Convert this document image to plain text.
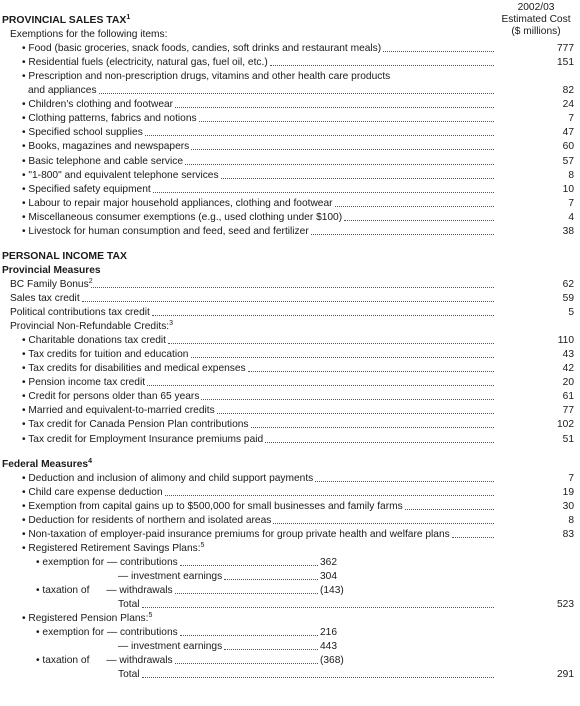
2002/03
Estimated Cost
($ millions)
PROVINCIAL SALES TAX$^1$
Exemptions for the following items:
• Food (basic groceries, snack foods, candies, soft drinks and restaurant meals)	777
• Residential fuels (electricity, natural gas, fuel oil, etc.)	151
• Prescription and non-prescription drugs, vitamins and other health care products
and appliances	82
• Children's clothing and footwear	24
• Clothing patterns, fabrics and notions	7
• Specified school supplies	47
• Books, magazines and newspapers	60
• Basic telephone and cable service	57
• "1-800" and equivalent telephone services	8
• Specified safety equipment	10
• Labour to repair major household appliances, clothing and footwear	7
• Miscellaneous consumer exemptions (e.g., used clothing under $100)	4
• Livestock for human consumption and feed, seed and fertilizer	38
PERSONAL INCOME TAX
Provincial Measures
BC Family Bonus$^2$	62
Sales tax credit	59
Political contributions tax credit	5
Provincial Non-Refundable Credits:$^3$
• Charitable donations tax credit	110
• Tax credits for tuition and education	43
• Tax credits for disabilities and medical expenses	42
• Pension income tax credit	20
• Credit for persons older than 65 years	61
• Married and equivalent-to-married credits	77
• Tax credit for Canada Pension Plan contributions	102
• Tax credit for Employment Insurance premiums paid	51
Federal Measures$^4$
• Deduction and inclusion of alimony and child support payments	7
• Child care expense deduction	19
• Exemption from capital gains up to $500,000 for small businesses and family farms	30
• Deduction for residents of northern and isolated areas	8
• Non-taxation of employer-paid insurance premiums for group private health and welfare plans	83
• Registered Retirement Savings Plans:$^5$
• exemption for — contributions	362
— investment earnings	304
• taxation of      — withdrawals	(143)
Total	523
• Registered Pension Plans:$^5$
• exemption for — contributions	216
— investment earnings	443
• taxation of      — withdrawals	(368)
Total	291
